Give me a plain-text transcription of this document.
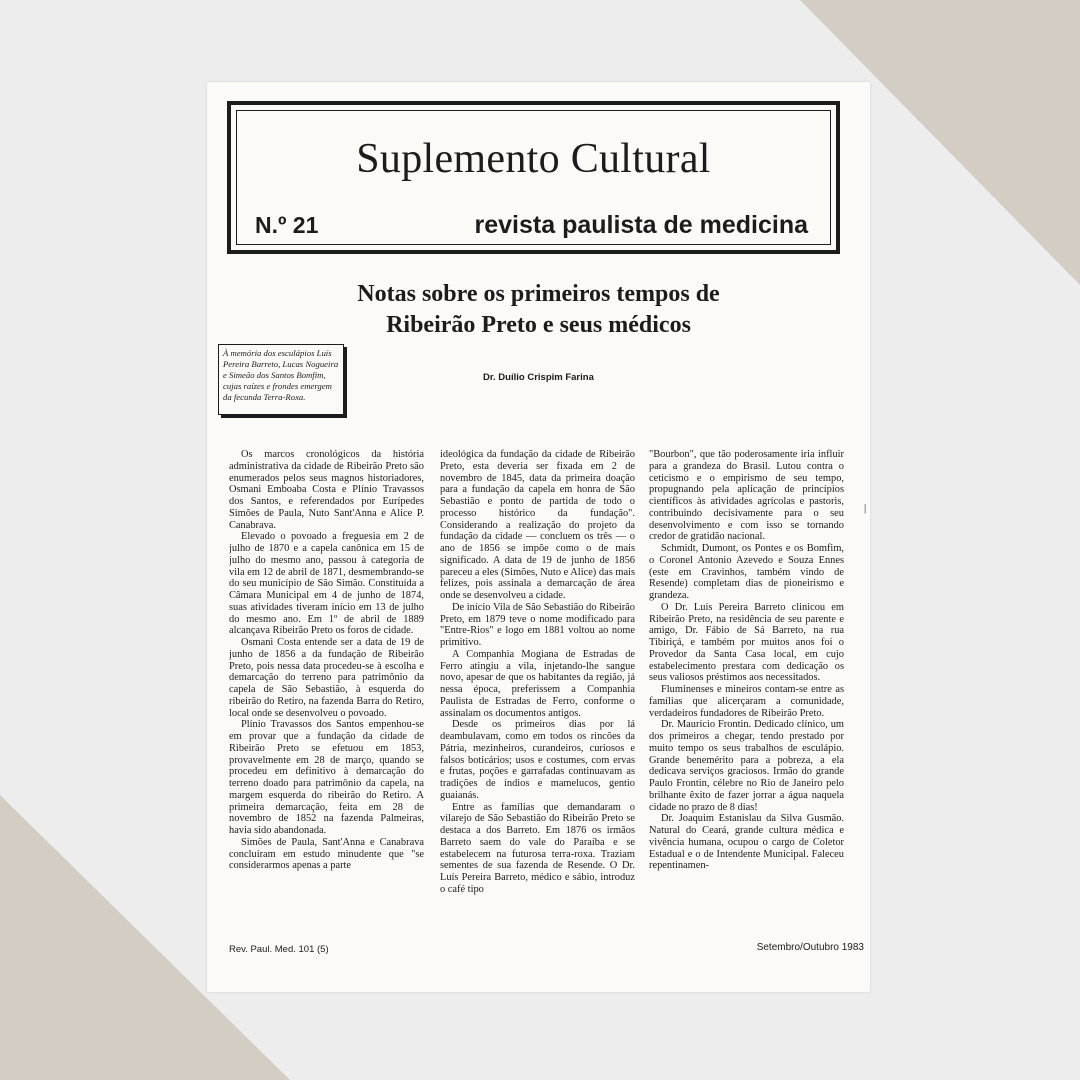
Suplemento Cultural
N.º 21	revista paulista de medicina
Notas sobre os primeiros tempos de
Ribeirão Preto e seus médicos
À memória dos esculápios Luís Pereira Barreto, Lucas Nogueira e Simeão dos Santos Bomfim, cujas raízes e frondes emergem da fecunda Terra-Roxa.
Dr. Duílio Crispim Farina

Os marcos cronológicos da história administrativa da cidade de Ribeirão Preto são enumerados pelos seus magnos historiadores, Osmani Emboaba Costa e Plínio Travassos dos Santos, e referendados por Eurípedes Simões de Paula, Nuto Sant'Anna e Alice P. Canabrava.

Elevado o povoado a freguesia em 2 de julho de 1870 e a capela canônica em 15 de julho do mesmo ano, passou à categoria de vila em 12 de abril de 1871, desmembrando-se do seu município de São Simão. Constituída a Câmara Municipal em 4 de junho de 1874, suas atividades tiveram início em 13 de julho do mesmo ano. Em 1º de abril de 1889 alcançava Ribeirão Preto os foros de cidade.

Osmani Costa entende ser a data de 19 de junho de 1856 a da fundação de Ribeirão Preto, pois nessa data procedeu-se à escolha e demarcação do terreno para patrimônio da capela de São Sebastião, à esquerda do ribeirão do Retiro, na fazenda Barra do Retiro, local onde se desenvolveu o povoado.

Plínio Travassos dos Santos empenhou-se em provar que a fundação da cidade de Ribeirão Preto se efetuou em 1853, provavelmente em 28 de março, quando se procedeu em definitivo à demarcação do terreno doado para patrimônio da capela, na margem esquerda do ribeirão do Retiro. A primeira demarcação, feita em 28 de novembro de 1852 na fazenda Palmeiras, havia sido abandonada.

Simões de Paula, Sant'Anna e Canabrava concluíram em estudo minudente que "se considerarmos apenas a parte

ideológica da fundação da cidade de Ribeirão Preto, esta deveria ser fixada em 2 de novembro de 1845, data da primeira doação para a fundação da capela em honra de São Sebastião e ponto de partida de todo o processo histórico da fundação". Considerando a realização do projeto da fundação da cidade — concluem os três — o ano de 1856 se impõe como o de mais significado. A data de 19 de junho de 1856 pareceu a eles (Simões, Nuto e Alice) das mais felizes, pois assinala a demarcação de área onde se desenvolveu a cidade.

De início Vila de São Sebastião do Ribeirão Preto, em 1879 teve o nome modificado para "Entre-Rios" e logo em 1881 voltou ao nome primitivo.

A Companhia Mogiana de Estradas de Ferro atingiu a vila, injetando-lhe sangue novo, apesar de que os habitantes da região, já nessa época, preferissem a Companhia Paulista de Estradas de Ferro, conforme o assinalam os documentos antigos.

Desde os primeiros dias por lá deambulavam, como em todos os rincões da Pátria, mezinheiros, curandeiros, curiosos e falsos boticários; usos e costumes, com ervas e frutas, poções e garrafadas continuavam as tradições de índios e mamelucos, gentio guaianás.

Entre as famílias que demandaram o vilarejo de São Sebastião do Ribeirão Preto se destaca a dos Barreto. Em 1876 os irmãos Barreto saem do vale do Paraíba e se estabelecem na futurosa terra-roxa. Traziam sementes de sua fazenda de Resende. O Dr. Luís Pereira Barreto, médico e sábio, introduz o café tipo

"Bourbon", que tão poderosamente iria influir para a grandeza do Brasil. Lutou contra o ceticismo e o empirismo de seu tempo, propugnando pela aplicação de princípios científicos às atividades agrícolas e pastoris, contribuindo decisivamente para o seu desenvolvimento e com isso se tornando credor de gratidão nacional.

Schmidt, Dumont, os Pontes e os Bomfim, o Coronel Antonio Azevedo e Souza Ennes (este em Cravinhos, também vindo de Resende) completam dias de pioneirismo e grandeza.

O Dr. Luís Pereira Barreto clinicou em Ribeirão Preto, na residência de seu parente e amigo, Dr. Fábio de Sá Barreto, na rua Tibiriçá, e também por muitos anos foi o Provedor da Santa Casa local, em cujo estabelecimento prestara com dedicação os seus valiosos préstimos aos necessitados.

Fluminenses e mineiros contam-se entre as famílias que alicerçaram a comunidade, verdadeiros fundadores de Ribeirão Preto.

Dr. Maurício Frontin. Dedicado clínico, um dos primeiros a chegar, tendo prestado por muito tempo os seus trabalhos de esculápio. Grande benemérito para a pobreza, a ela dedicava serviços graciosos. Irmão do grande Paulo Frontin, célebre no Rio de Janeiro pelo brilhante êxito de fazer jorrar a água naquela cidade no prazo de 8 dias!

Dr. Joaquim Estanislau da Silva Gusmão. Natural do Ceará, grande cultura médica e vivência humana, ocupou o cargo de Coletor Estadual e o de Intendente Municipal. Faleceu repentinamen-

|
Rev. Paul. Med. 101 (5)	Setembro/Outubro 1983
